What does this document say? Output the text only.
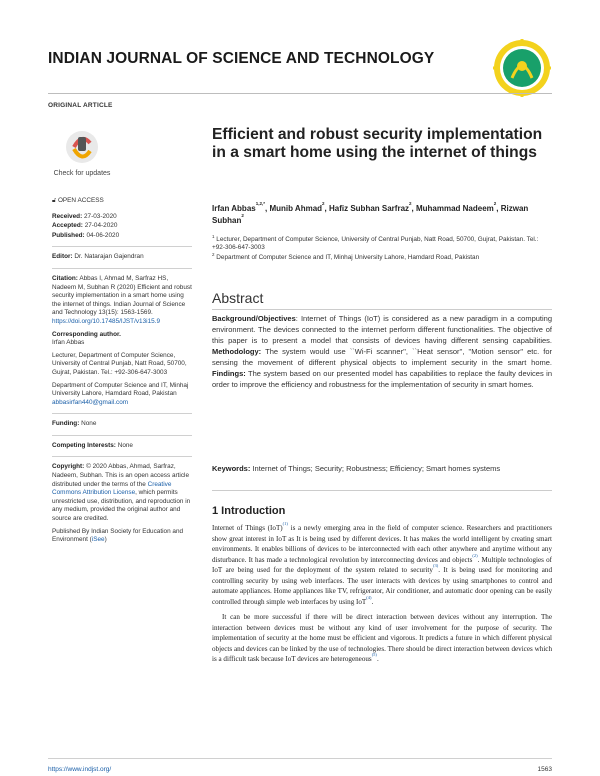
INDIAN JOURNAL OF SCIENCE AND TECHNOLOGY
ORIGINAL ARTICLE
Check for updates
🔓︎ OPEN ACCESS
Received: 27-03-2020
Accepted: 27-04-2020
Published: 04-06-2020
Editor: Dr. Natarajan Gajendran
Citation: Abbas I, Ahmad M, Sarfraz HS, Nadeem M, Subhan R (2020) Efficient and robust security implementation in a smart home using the internet of things. Indian Journal of Science and Technology 13(15): 1563-1569. https://doi.org/10.17485/IJST/v13i15.9
Corresponding author.
Irfan Abbas
Lecturer, Department of Computer Science, University of Central Punjab, Natt Road, 50700, Gujrat, Pakistan. Tel.: +92-306-647-3003
Department of Computer Science and IT, Minhaj University Lahore, Hamdard Road, Pakistan
abbasirfan440@gmail.com
Funding: None
Competing Interests: None
Copyright: © 2020 Abbas, Ahmad, Sarfraz, Nadeem, Subhan. This is an open access article distributed under the terms of the Creative Commons Attribution License, which permits unrestricted use, distribution, and reproduction in any medium, provided the original author and source are credited.
Published By Indian Society for Education and Environment (iSee)
Efficient and robust security implementation in a smart home using the internet of things
Irfan Abbas$^{1,2,*}$, Munib Ahmad$^2$, Hafiz Subhan Sarfraz$^2$, Muhammad Nadeem$^2$, Rizwan Subhan$^2$

$^1$ Lecturer, Department of Computer Science, University of Central Punjab, Natt Road, 50700, Gujrat, Pakistan. Tel.: +92-306-647-3003

$^2$ Department of Computer Science and IT, Minhaj University Lahore, Hamdard Road, Pakistan

Abstract
Background/Objectives: Internet of Things (IoT) is considered as a new paradigm in a computing environment. The devices connected to the internet perform different functionalities. The objective of this paper is to present a model that consists of devices having different sensing capabilities. Methodology: The system would use ``Wi-Fi scanner'', ``Heat sensor'', "Motion sensor" etc. for sensing the movement of different physical objects to implement security in the smart home. Findings: The system based on our presented model has capabilities to replace the faulty devices in order to improve the efficiency and robustness for the implementation of security in smart homes.
Keywords: Internet of Things; Security; Robustness; Efficiency; Smart homes systems
1 Introduction

Internet of Things (IoT)$^{(1)}$ is a newly emerging area in the field of computer science. Researchers and practitioners show great interest in IoT as It is being used by different devices. It has makes the world intelligent by creating smart environments. It enables billions of devices to be interconnected with each other anywhere and anytime without any disturbance. It has made a technological revolution by interconnecting devices and objects$^{(2)}$. Multiple technologies of IoT are being used for the deployment of the system related to security$^{(3)}$. It is being used for monitoring and controlling security by using web interfaces. The user interacts with devices by using smartphones to control and automate appliances. Home appliances like TV, refrigerator, Air conditioner, and automatic door opening can be easily controlled through simple web interfaces by using IoT$^{(4)}$.

It can be more successful if there will be direct interaction between devices without any interruption. The interaction between devices must be without any kind of user involvement for the purpose of security. The implementation of security at the home must be efficient and vigorous. It predicts a future in which different physical objects and devices can be linked by the use of technologies. There should be direct interaction between devices which is a difficult task because IoT devices are heterogeneous$^{(5)}$.

https://www.indjst.org/	1563
